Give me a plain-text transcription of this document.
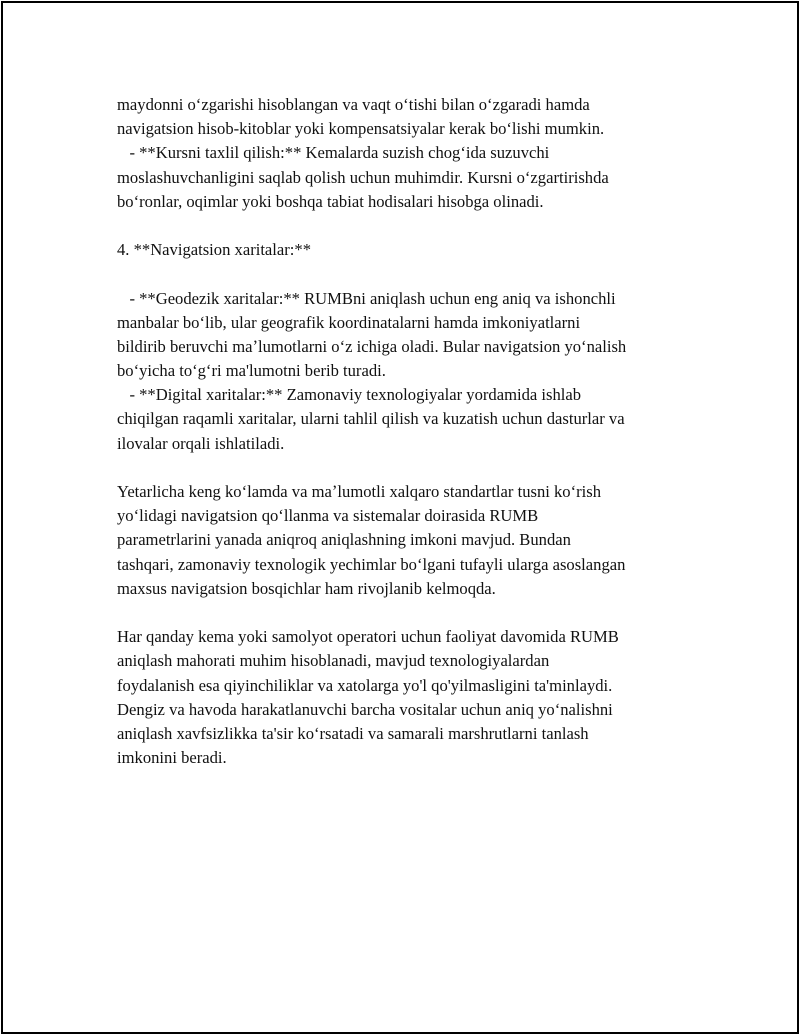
maydonni oʻzgarishi hisoblangan va vaqt oʻtishi bilan oʻzgaradi hamda
navigatsion hisob-kitoblar yoki kompensatsiyalar kerak boʻlishi mumkin.
- **Kursni taxlil qilish:** Kemalarda suzish chogʻida suzuvchi
moslashuvchanligini saqlab qolish uchun muhimdir. Kursni oʻzgartirishda
boʻronlar, oqimlar yoki boshqa tabiat hodisalari hisobga olinadi.
4. **Navigatsion xaritalar:**
- **Geodezik xaritalar:** RUMBni aniqlash uchun eng aniq va ishonchli
manbalar boʻlib, ular geografik koordinatalarni hamda imkoniyatlarni
bildirib beruvchi maʼlumotlarni oʻz ichiga oladi. Bular navigatsion yoʻnalish
boʻyicha toʻgʻri ma'lumotni berib turadi.
- **Digital xaritalar:** Zamonaviy texnologiyalar yordamida ishlab
chiqilgan raqamli xaritalar, ularni tahlil qilish va kuzatish uchun dasturlar va
ilovalar orqali ishlatiladi.
Yetarlicha keng koʻlamda va maʼlumotli xalqaro standartlar tusni koʻrish
yoʻlidagi navigatsion qoʻllanma va sistemalar doirasida RUMB
parametrlarini yanada aniqroq aniqlashning imkoni mavjud. Bundan
tashqari, zamonaviy texnologik yechimlar boʻlgani tufayli ularga asoslangan
maxsus navigatsion bosqichlar ham rivojlanib kelmoqda.
Har qanday kema yoki samolyot operatori uchun faoliyat davomida RUMB
aniqlash mahorati muhim hisoblanadi, mavjud texnologiyalardan
foydalanish esa qiyinchiliklar va xatolarga yo'l qo'yilmasligini ta'minlaydi.
Dengiz va havoda harakatlanuvchi barcha vositalar uchun aniq yoʻnalishni
aniqlash xavfsizlikka ta'sir koʻrsatadi va samarali marshrutlarni tanlash
imkonini beradi.
